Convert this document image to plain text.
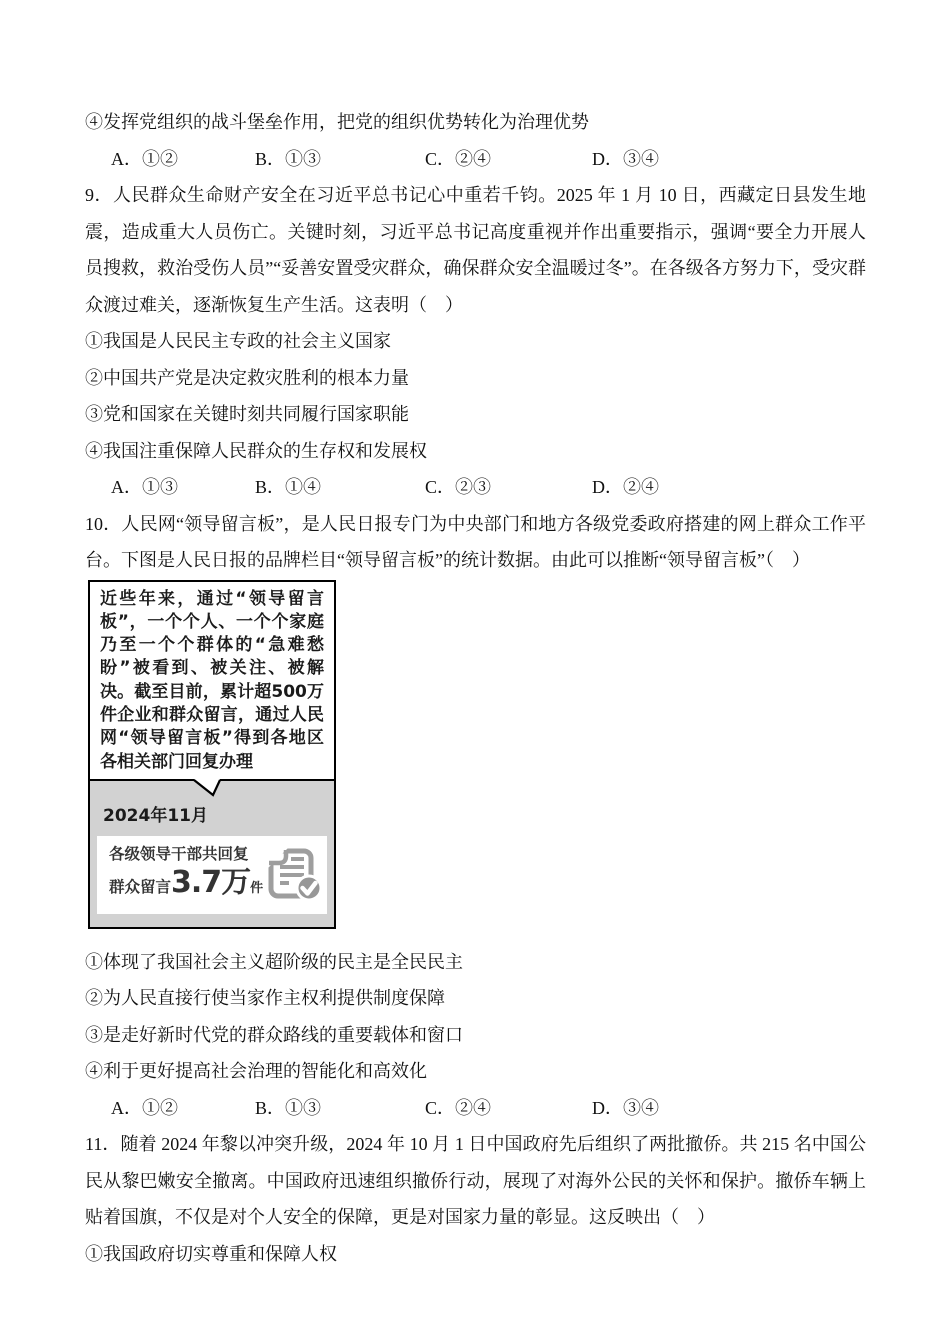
④发挥党组织的战斗堡垒作用，把党的组织优势转化为治理优势

A．①②	B．①③	C．②④	D．③④

9．人民群众生命财产安全在习近平总书记心中重若千钧。2025 年 1 月 10 日，西藏定日县发生地震，造成重大人员伤亡。关键时刻，习近平总书记高度重视并作出重要指示，强调“要全力开展人员搜救，救治受伤人员”“妥善安置受灾群众，确保群众安全温暖过冬”。在各级各方努力下，受灾群众渡过难关，逐渐恢复生产生活。这表明（　）

①我国是人民民主专政的社会主义国家

②中国共产党是决定救灾胜利的根本力量

③党和国家在关键时刻共同履行国家职能

④我国注重保障人民群众的生存权和发展权

A．①③	B．①④	C．②③	D．②④

10．人民网“领导留言板”，是人民日报专门为中央部门和地方各级党委政府搭建的网上群众工作平台。下图是人民日报的品牌栏目“领导留言板”的统计数据。由此可以推断“领导留言板”（　）

近些年来，通过“领导留言板”，一个个人、一个个家庭乃至一个个群体的“急难愁盼”被看到、被关注、被解决。截至目前，累计超500万件企业和群众留言，通过人民网“领导留言板”得到各地区各相关部门回复办理

2024年11月
各级领导干部共回复
群众留言3.7万件

①体现了我国社会主义超阶级的民主是全民民主

②为人民直接行使当家作主权利提供制度保障

③是走好新时代党的群众路线的重要载体和窗口

④利于更好提高社会治理的智能化和高效化

A．①②	B．①③	C．②④	D．③④

11．随着 2024 年黎以冲突升级，2024 年 10 月 1 日中国政府先后组织了两批撤侨。共 215 名中国公民从黎巴嫩安全撤离。中国政府迅速组织撤侨行动，展现了对海外公民的关怀和保护。撤侨车辆上贴着国旗，不仅是对个人安全的保障，更是对国家力量的彰显。这反映出（　）

①我国政府切实尊重和保障人权
